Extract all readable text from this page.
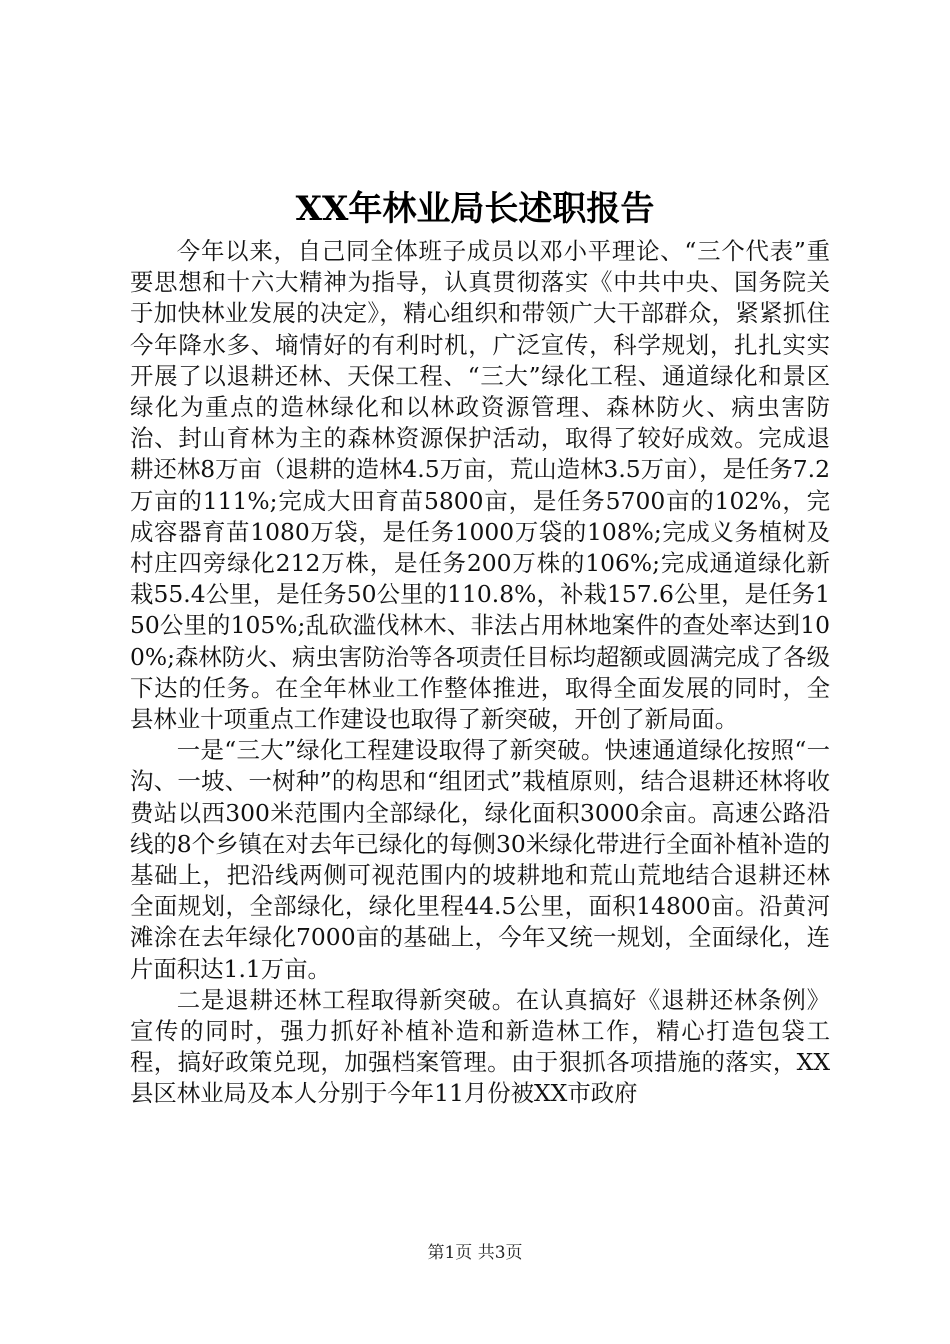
XX年林业局长述职报告

今年以来，自己同全体班子成员以邓小平理论、“三个代表”重要思想和十六大精神为指导，认真贯彻落实《中共中央、国务院关于加快林业发展的决定》，精心组织和带领广大干部群众，紧紧抓住今年降水多、墒情好的有利时机，广泛宣传，科学规划，扎扎实实开展了以退耕还林、天保工程、“三大”绿化工程、通道绿化和景区绿化为重点的造林绿化和以林政资源管理、森林防火、病虫害防治、封山育林为主的森林资源保护活动，取得了较好成效。完成退耕还林8万亩（退耕的造林4.5万亩，荒山造林3.5万亩），是任务7.2万亩的111%;完成大田育苗5800亩，是任务5700亩的102%，完成容器育苗1080万袋，是任务1000万袋的108%;完成义务植树及村庄四旁绿化212万株，是任务200万株的106%;完成通道绿化新栽55.4公里，是任务50公里的110.8%，补栽157.6公里，是任务150公里的105%;乱砍滥伐林木、非法占用林地案件的查处率达到100%;森林防火、病虫害防治等各项责任目标均超额或圆满完成了各级下达的任务。在全年林业工作整体推进，取得全面发展的同时，全县林业十项重点工作建设也取得了新突破，开创了新局面。

一是“三大”绿化工程建设取得了新突破。快速通道绿化按照“一沟、一坡、一树种”的构思和“组团式”栽植原则，结合退耕还林将收费站以西300米范围内全部绿化，绿化面积3000余亩。高速公路沿线的8个乡镇在对去年已绿化的每侧30米绿化带进行全面补植补造的基础上，把沿线两侧可视范围内的坡耕地和荒山荒地结合退耕还林全面规划，全部绿化，绿化里程44.5公里，面积14800亩。沿黄河滩涂在去年绿化7000亩的基础上，今年又统一规划，全面绿化，连片面积达1.1万亩。

二是退耕还林工程取得新突破。在认真搞好《退耕还林条例》宣传的同时，强力抓好补植补造和新造林工作，精心打造包袋工程，搞好政策兑现，加强档案管理。由于狠抓各项措施的落实，XX县区林业局及本人分别于今年11月份被XX市政府

第1页 共3页
